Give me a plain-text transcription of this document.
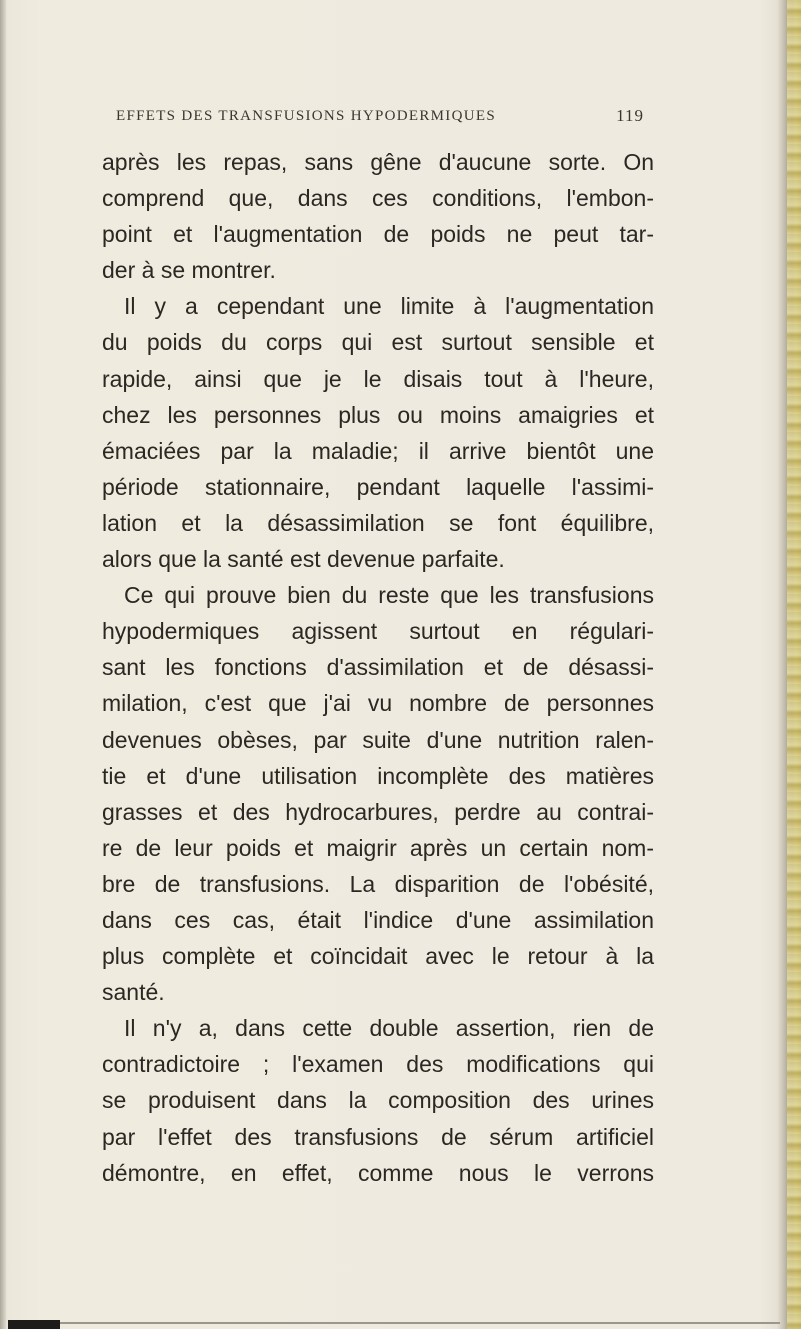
EFFETS DES TRANSFUSIONS HYPODERMIQUES	119
après les repas, sans gêne d'aucune sorte. On
comprend que, dans ces conditions, l'embon-
point et l'augmentation de poids ne peut tar-
der à se montrer.
Il y a cependant une limite à l'augmentation
du poids du corps qui est surtout sensible et
rapide, ainsi que je le disais tout à l'heure,
chez les personnes plus ou moins amaigries et
émaciées par la maladie; il arrive bientôt une
période stationnaire, pendant laquelle l'assimi-
lation et la désassimilation se font équilibre,
alors que la santé est devenue parfaite.
Ce qui prouve bien du reste que les transfusions
hypodermiques agissent surtout en régulari-
sant les fonctions d'assimilation et de désassi-
milation, c'est que j'ai vu nombre de personnes
devenues obèses, par suite d'une nutrition ralen-
tie et d'une utilisation incomplète des matières
grasses et des hydrocarbures, perdre au contrai-
re de leur poids et maigrir après un certain nom-
bre de transfusions. La disparition de l'obésité,
dans ces cas, était l'indice d'une assimilation
plus complète et coïncidait avec le retour à la
santé.
Il n'y a, dans cette double assertion, rien de
contradictoire ; l'examen des modifications qui
se produisent dans la composition des urines
par l'effet des transfusions de sérum artificiel
démontre, en effet, comme nous le verrons
